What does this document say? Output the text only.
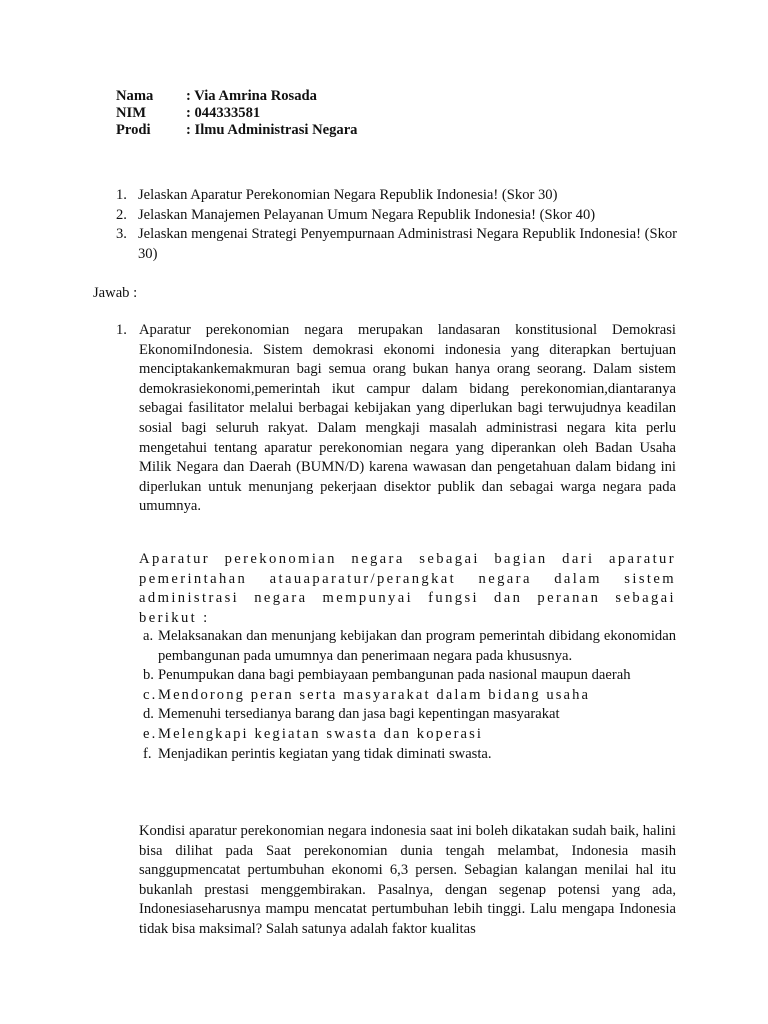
Nama : Via Amrina Rosada
NIM	: 044333581
Prodi : Ilmu Administrasi Negara
1. Jelaskan Aparatur Perekonomian Negara Republik Indonesia! (Skor 30)
2. Jelaskan Manajemen Pelayanan Umum Negara Republik Indonesia! (Skor 40)
3. Jelaskan mengenai Strategi Penyempurnaan Administrasi Negara Republik Indonesia! (Skor 30)
Jawab :
1. Aparatur perekonomian negara merupakan landasaran konstitusional Demokrasi EkonomiIndonesia. Sistem demokrasi ekonomi indonesia yang diterapkan bertujuan menciptakankemakmuran bagi semua orang bukan hanya orang seorang. Dalam sistem demokrasiekonomi,pemerintah ikut campur dalam bidang perekonomian,diantaranya sebagai fasilitator melalui berbagai kebijakan yang diperlukan bagi terwujudnya keadilan sosial bagi seluruh rakyat. Dalam mengkaji masalah administrasi negara kita perlu mengetahui tentang aparatur perekonomian negara yang diperankan oleh Badan Usaha Milik Negara dan Daerah (BUMN/D) karena wawasan dan pengetahuan dalam bidang ini diperlukan untuk menunjang pekerjaan disektor publik dan sebagai warga negara pada umumnya.
Aparatur perekonomian negara sebagai bagian dari aparatur pemerintahan atauaparatur/perangkat negara dalam sistem administrasi negara mempunyai fungsi dan peranan sebagai berikut :
a. Melaksanakan dan menunjang kebijakan dan program pemerintah dibidang ekonomidan pembangunan pada umumnya dan penerimaan negara pada khususnya.
b. Penumpukan dana bagi pembiayaan pembangunan pada nasional maupun daerah
c. Mendorong peran serta masyarakat dalam bidang usaha
d. Memenuhi tersedianya barang dan jasa bagi kepentingan masyarakat
e. Melengkapi kegiatan swasta dan koperasi
f. Menjadikan perintis kegiatan yang tidak diminati swasta.
Kondisi aparatur perekonomian negara indonesia saat ini boleh dikatakan sudah baik, halini bisa dilihat pada Saat perekonomian dunia tengah melambat, Indonesia masih sanggupmencatat pertumbuhan ekonomi 6,3 persen. Sebagian kalangan menilai hal itu bukanlah prestasi menggembirakan. Pasalnya, dengan segenap potensi yang ada, Indonesiaseharusnya mampu mencatat pertumbuhan lebih tinggi. Lalu mengapa Indonesia tidak bisa maksimal? Salah satunya adalah faktor kualitas
